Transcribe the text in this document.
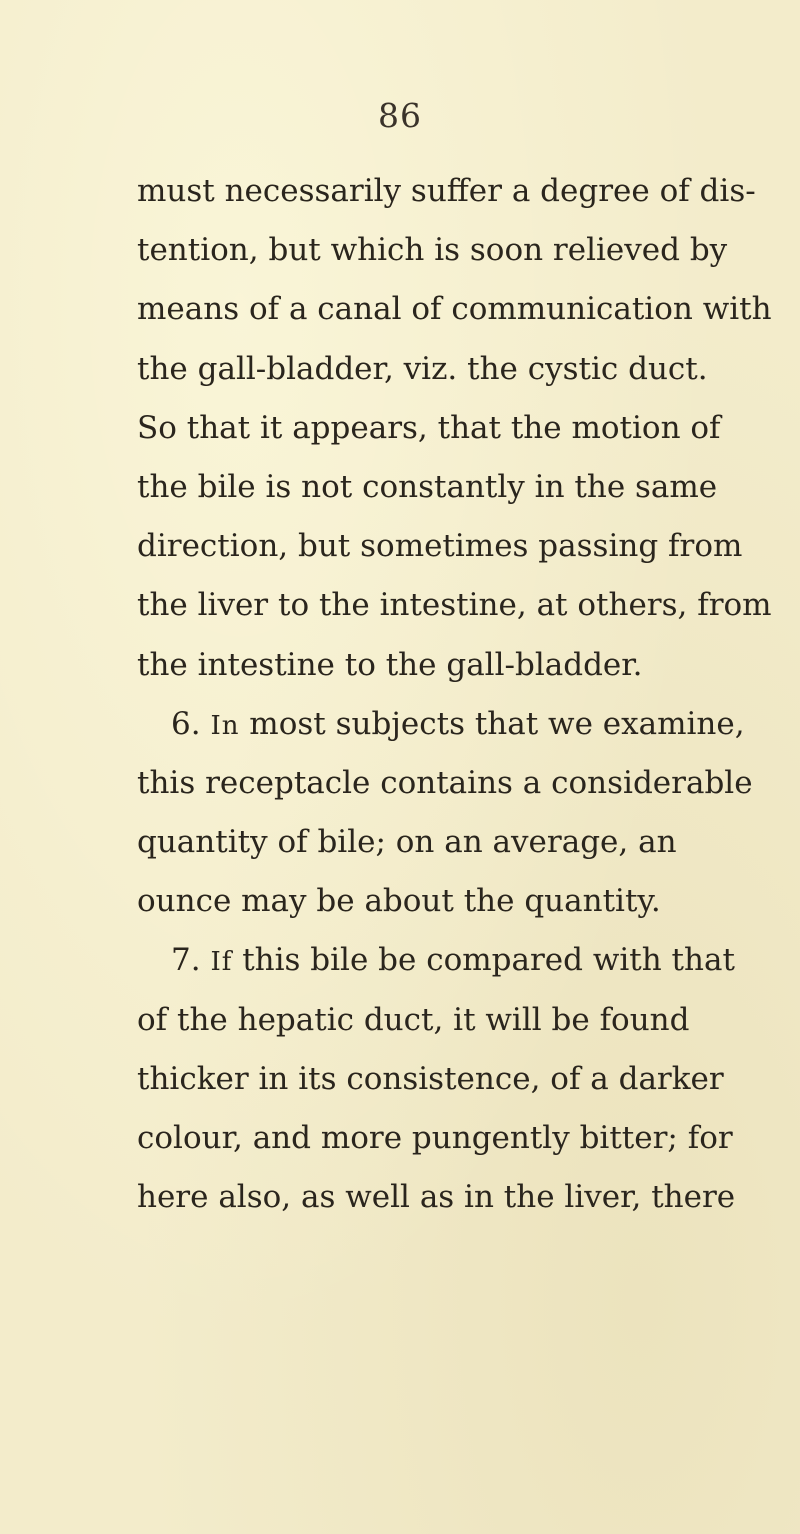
86
must necessarily suffer a degree of dis-
tention, but which is soon relieved by
means of a canal of communication with
the gall-bladder, viz. the cystic duct.
So that it appears, that the motion of
the bile is not constantly in the same
direction, but sometimes passing from
the liver to the intestine, at others, from
the intestine to the gall-bladder.
6. In most subjects that we examine,
this receptacle contains a considerable
quantity of bile; on an average, an
ounce may be about the quantity.
7. If this bile be compared with that
of the hepatic duct, it will be found
thicker in its consistence, of a darker
colour, and more pungently bitter; for
here also, as well as in the liver, there
